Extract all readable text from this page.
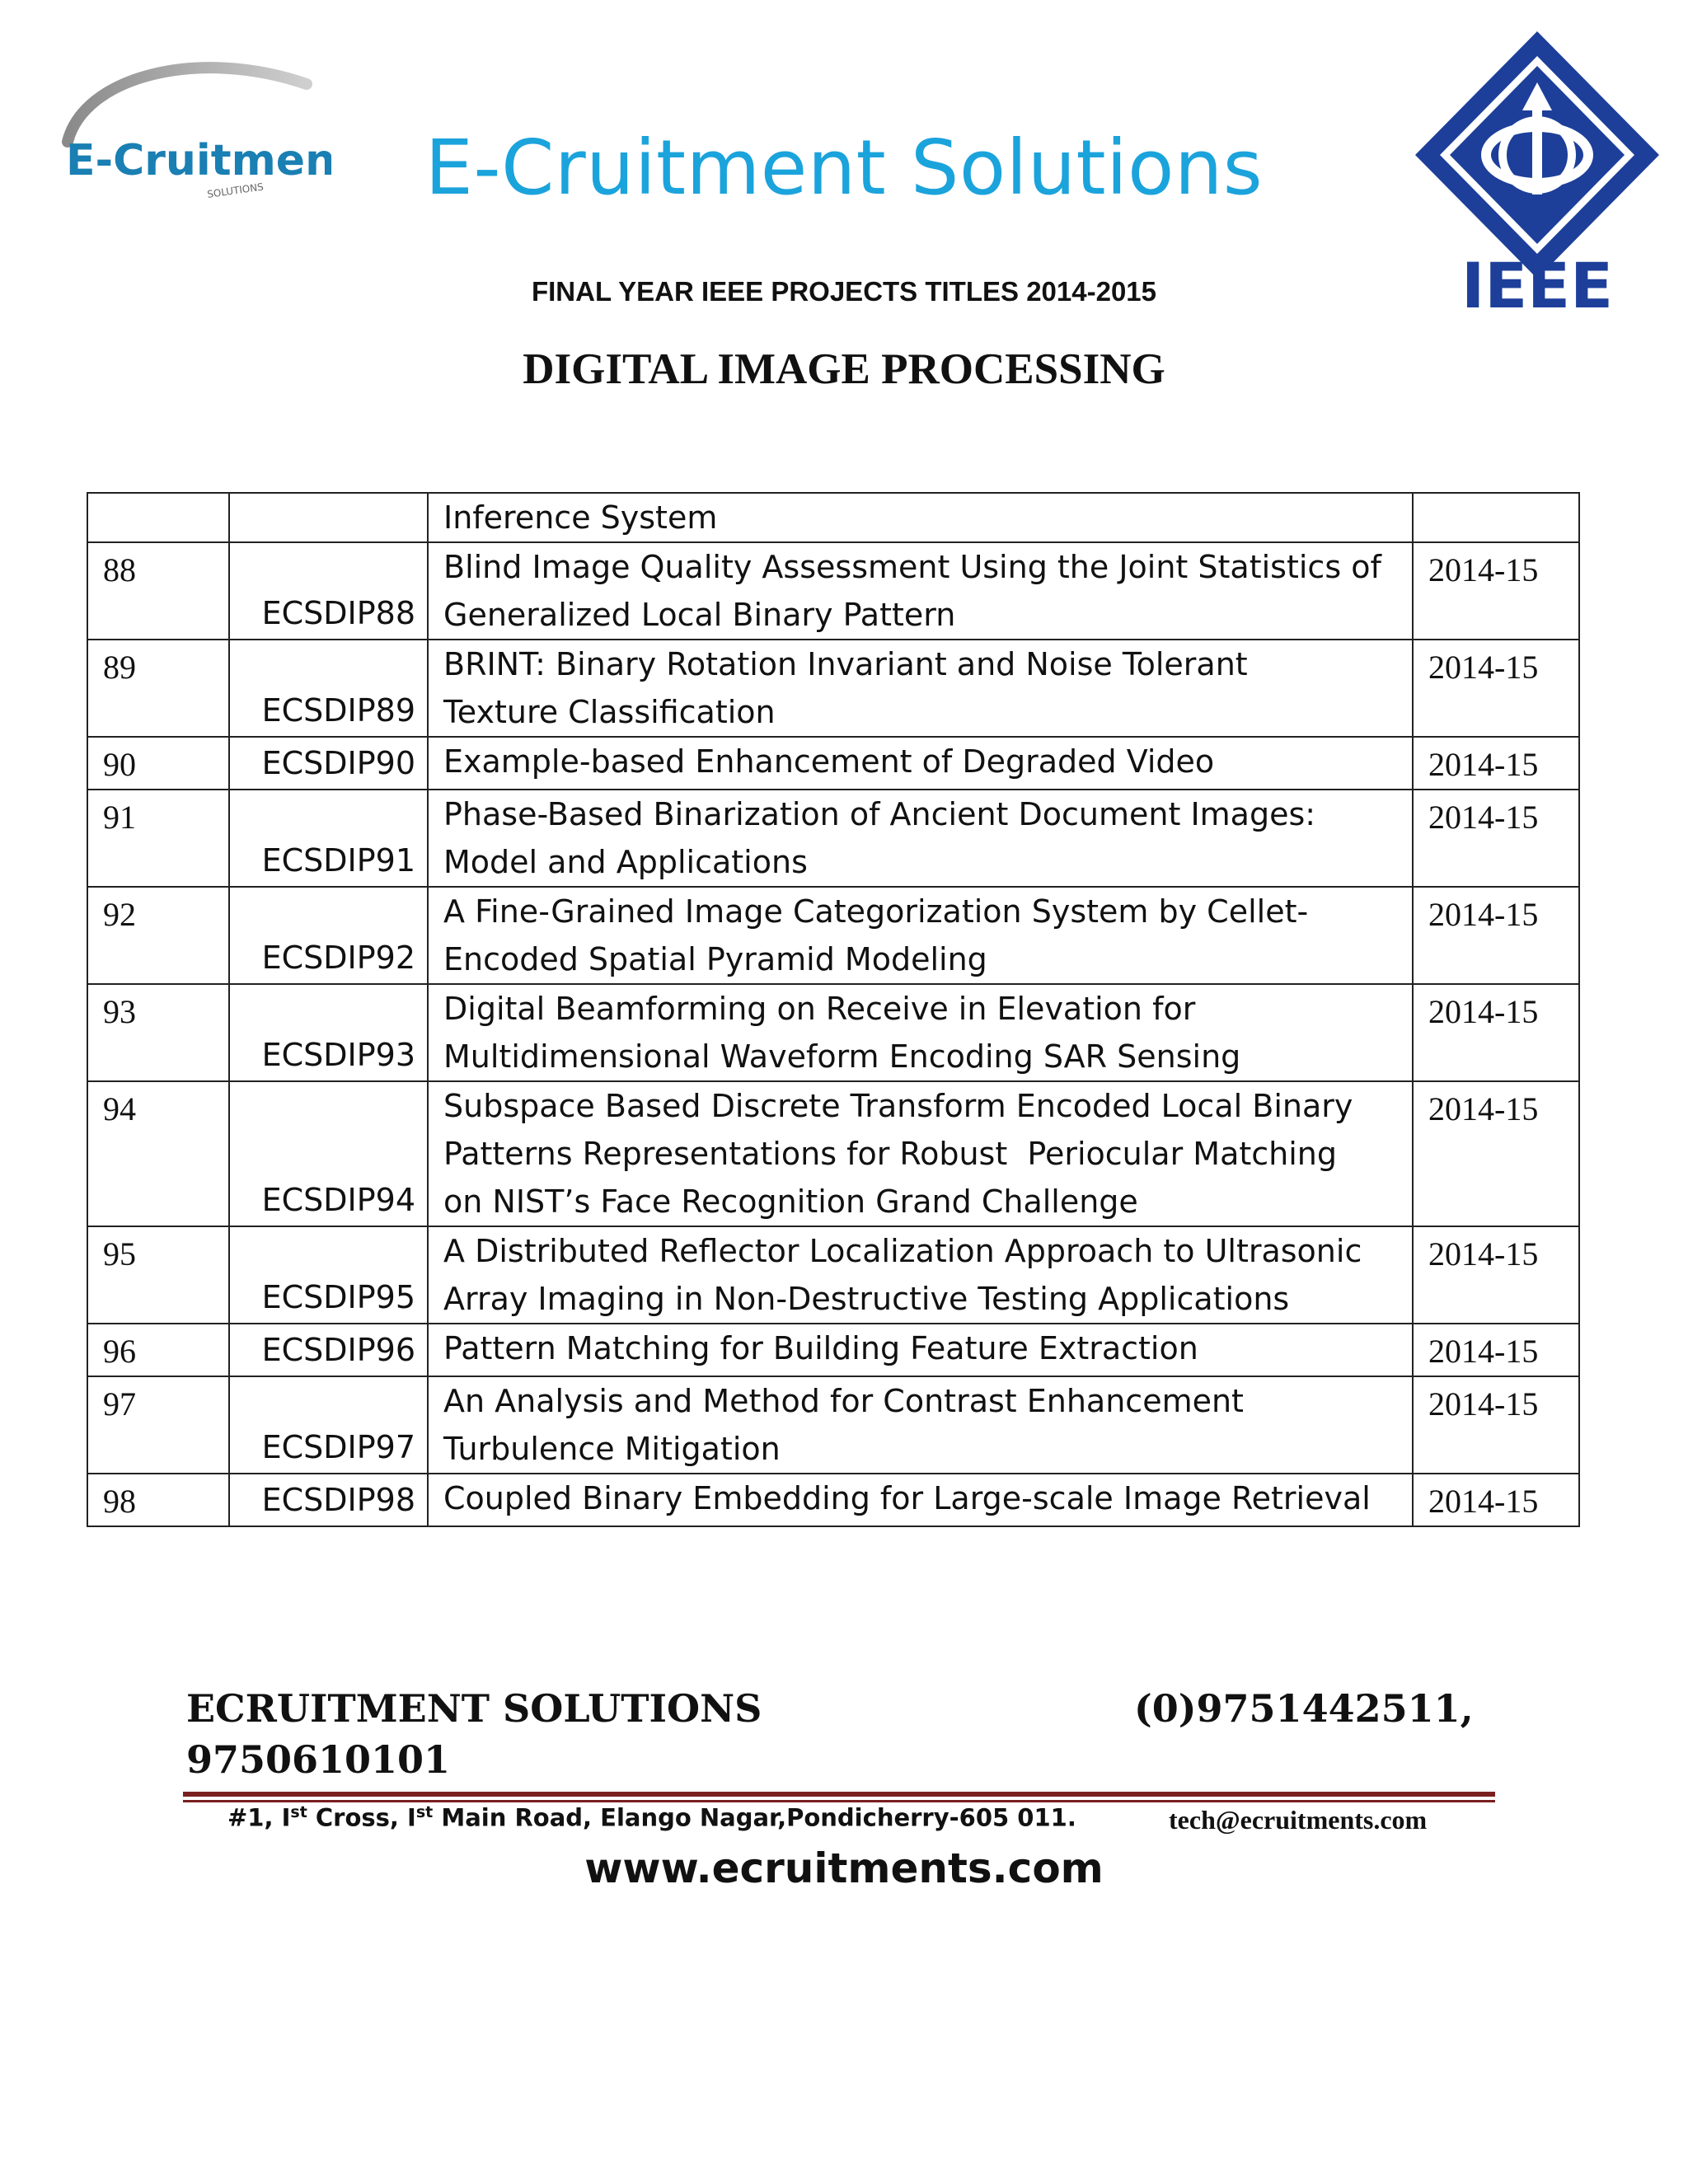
E-Cruitment
SOLUTIONS	E-Cruitment Solutions
FINAL YEAR IEEE PROJECTS TITLES 2014-2015
DIGITAL IMAGE PROCESSING
IEEE

		Inference System	

88	ECSDIP88	Blind Image Quality Assessment Using the Joint Statistics of
Generalized Local Binary Pattern	2014-15
89	ECSDIP89	BRINT: Binary Rotation Invariant and Noise Tolerant
Texture Classification	2014-15
90	ECSDIP90	Example-based Enhancement of Degraded Video	2014-15
91	ECSDIP91	Phase-Based Binarization of Ancient Document Images:
Model and Applications	2014-15
92	ECSDIP92	A Fine-Grained Image Categorization System by Cellet-
Encoded Spatial Pyramid Modeling	2014-15
93	ECSDIP93	Digital Beamforming on Receive in Elevation for
Multidimensional Waveform Encoding SAR Sensing	2014-15
94	ECSDIP94	Subspace Based Discrete Transform Encoded Local Binary
Patterns Representations for Robust  Periocular Matching
on NIST’s Face Recognition Grand Challenge	2014-15
95	ECSDIP95	A Distributed Reflector Localization Approach to Ultrasonic
Array Imaging in Non-Destructive Testing Applications	2014-15
96	ECSDIP96	Pattern Matching for Building Feature Extraction	2014-15
97	ECSDIP97	An Analysis and Method for Contrast Enhancement
Turbulence Mitigation	2014-15
98	ECSDIP98	Coupled Binary Embedding for Large-scale Image Retrieval	2014-15
ECRUITMENT SOLUTIONS	(0)9751442511,
9750610101
#1, Ist Cross, Ist Main Road, Elango Nagar,Pondicherry-605 011.	tech@ecruitments.com
www.ecruitments.com
